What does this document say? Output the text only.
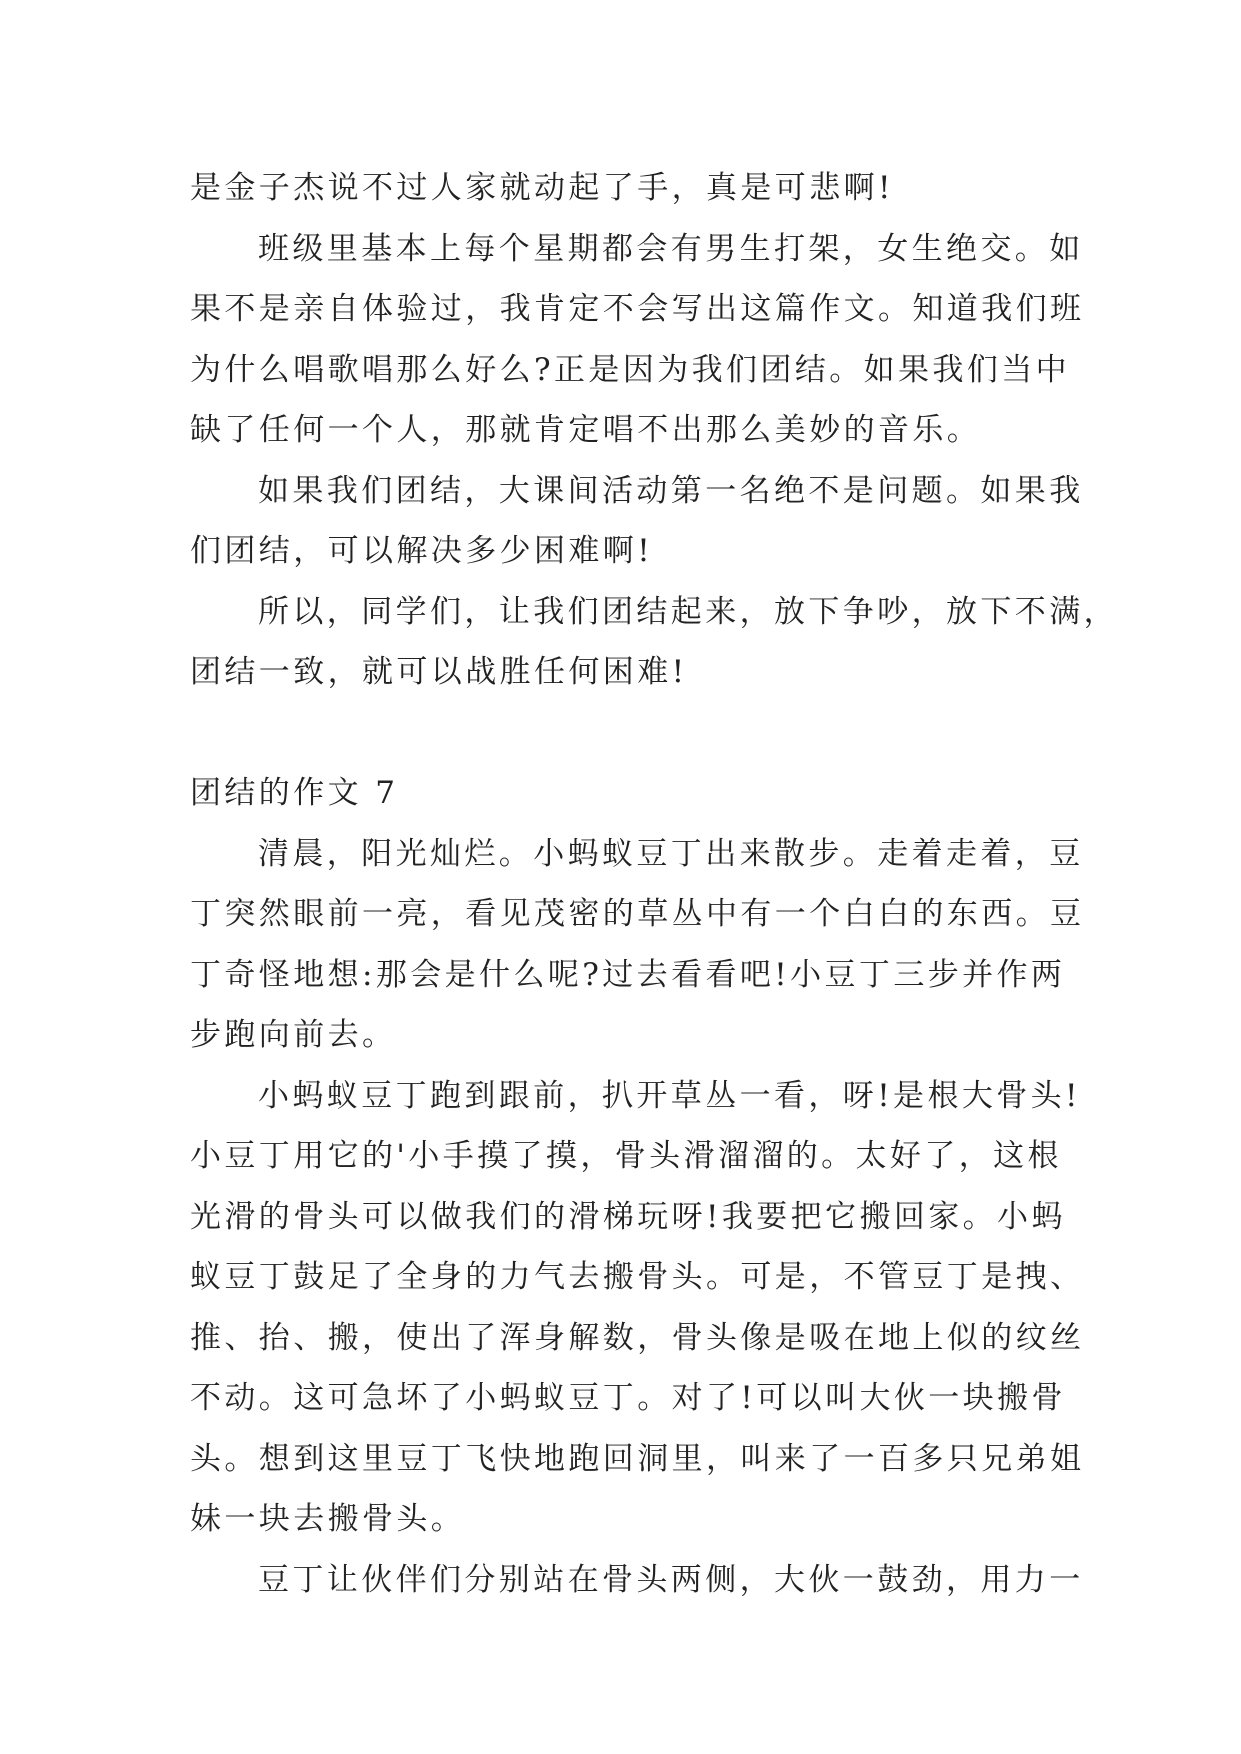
是金子杰说不过人家就动起了手，真是可悲啊!
班级里基本上每个星期都会有男生打架，女生绝交。如
果不是亲自体验过，我肯定不会写出这篇作文。知道我们班
为什么唱歌唱那么好么?正是因为我们团结。如果我们当中
缺了任何一个人，那就肯定唱不出那么美妙的音乐。
如果我们团结，大课间活动第一名绝不是问题。如果我
们团结，可以解决多少困难啊!
所以，同学们，让我们团结起来，放下争吵，放下不满，
团结一致，就可以战胜任何困难!
团结的作文 7
清晨，阳光灿烂。小蚂蚁豆丁出来散步。走着走着，豆
丁突然眼前一亮，看见茂密的草丛中有一个白白的东西。豆
丁奇怪地想:那会是什么呢?过去看看吧!小豆丁三步并作两
步跑向前去。
小蚂蚁豆丁跑到跟前，扒开草丛一看，呀!是根大骨头!
小豆丁用它的'小手摸了摸，骨头滑溜溜的。太好了，这根
光滑的骨头可以做我们的滑梯玩呀!我要把它搬回家。小蚂
蚁豆丁鼓足了全身的力气去搬骨头。可是，不管豆丁是拽、
推、抬、搬，使出了浑身解数，骨头像是吸在地上似的纹丝
不动。这可急坏了小蚂蚁豆丁。对了!可以叫大伙一块搬骨
头。想到这里豆丁飞快地跑回洞里，叫来了一百多只兄弟姐
妹一块去搬骨头。
豆丁让伙伴们分别站在骨头两侧，大伙一鼓劲，用力一
